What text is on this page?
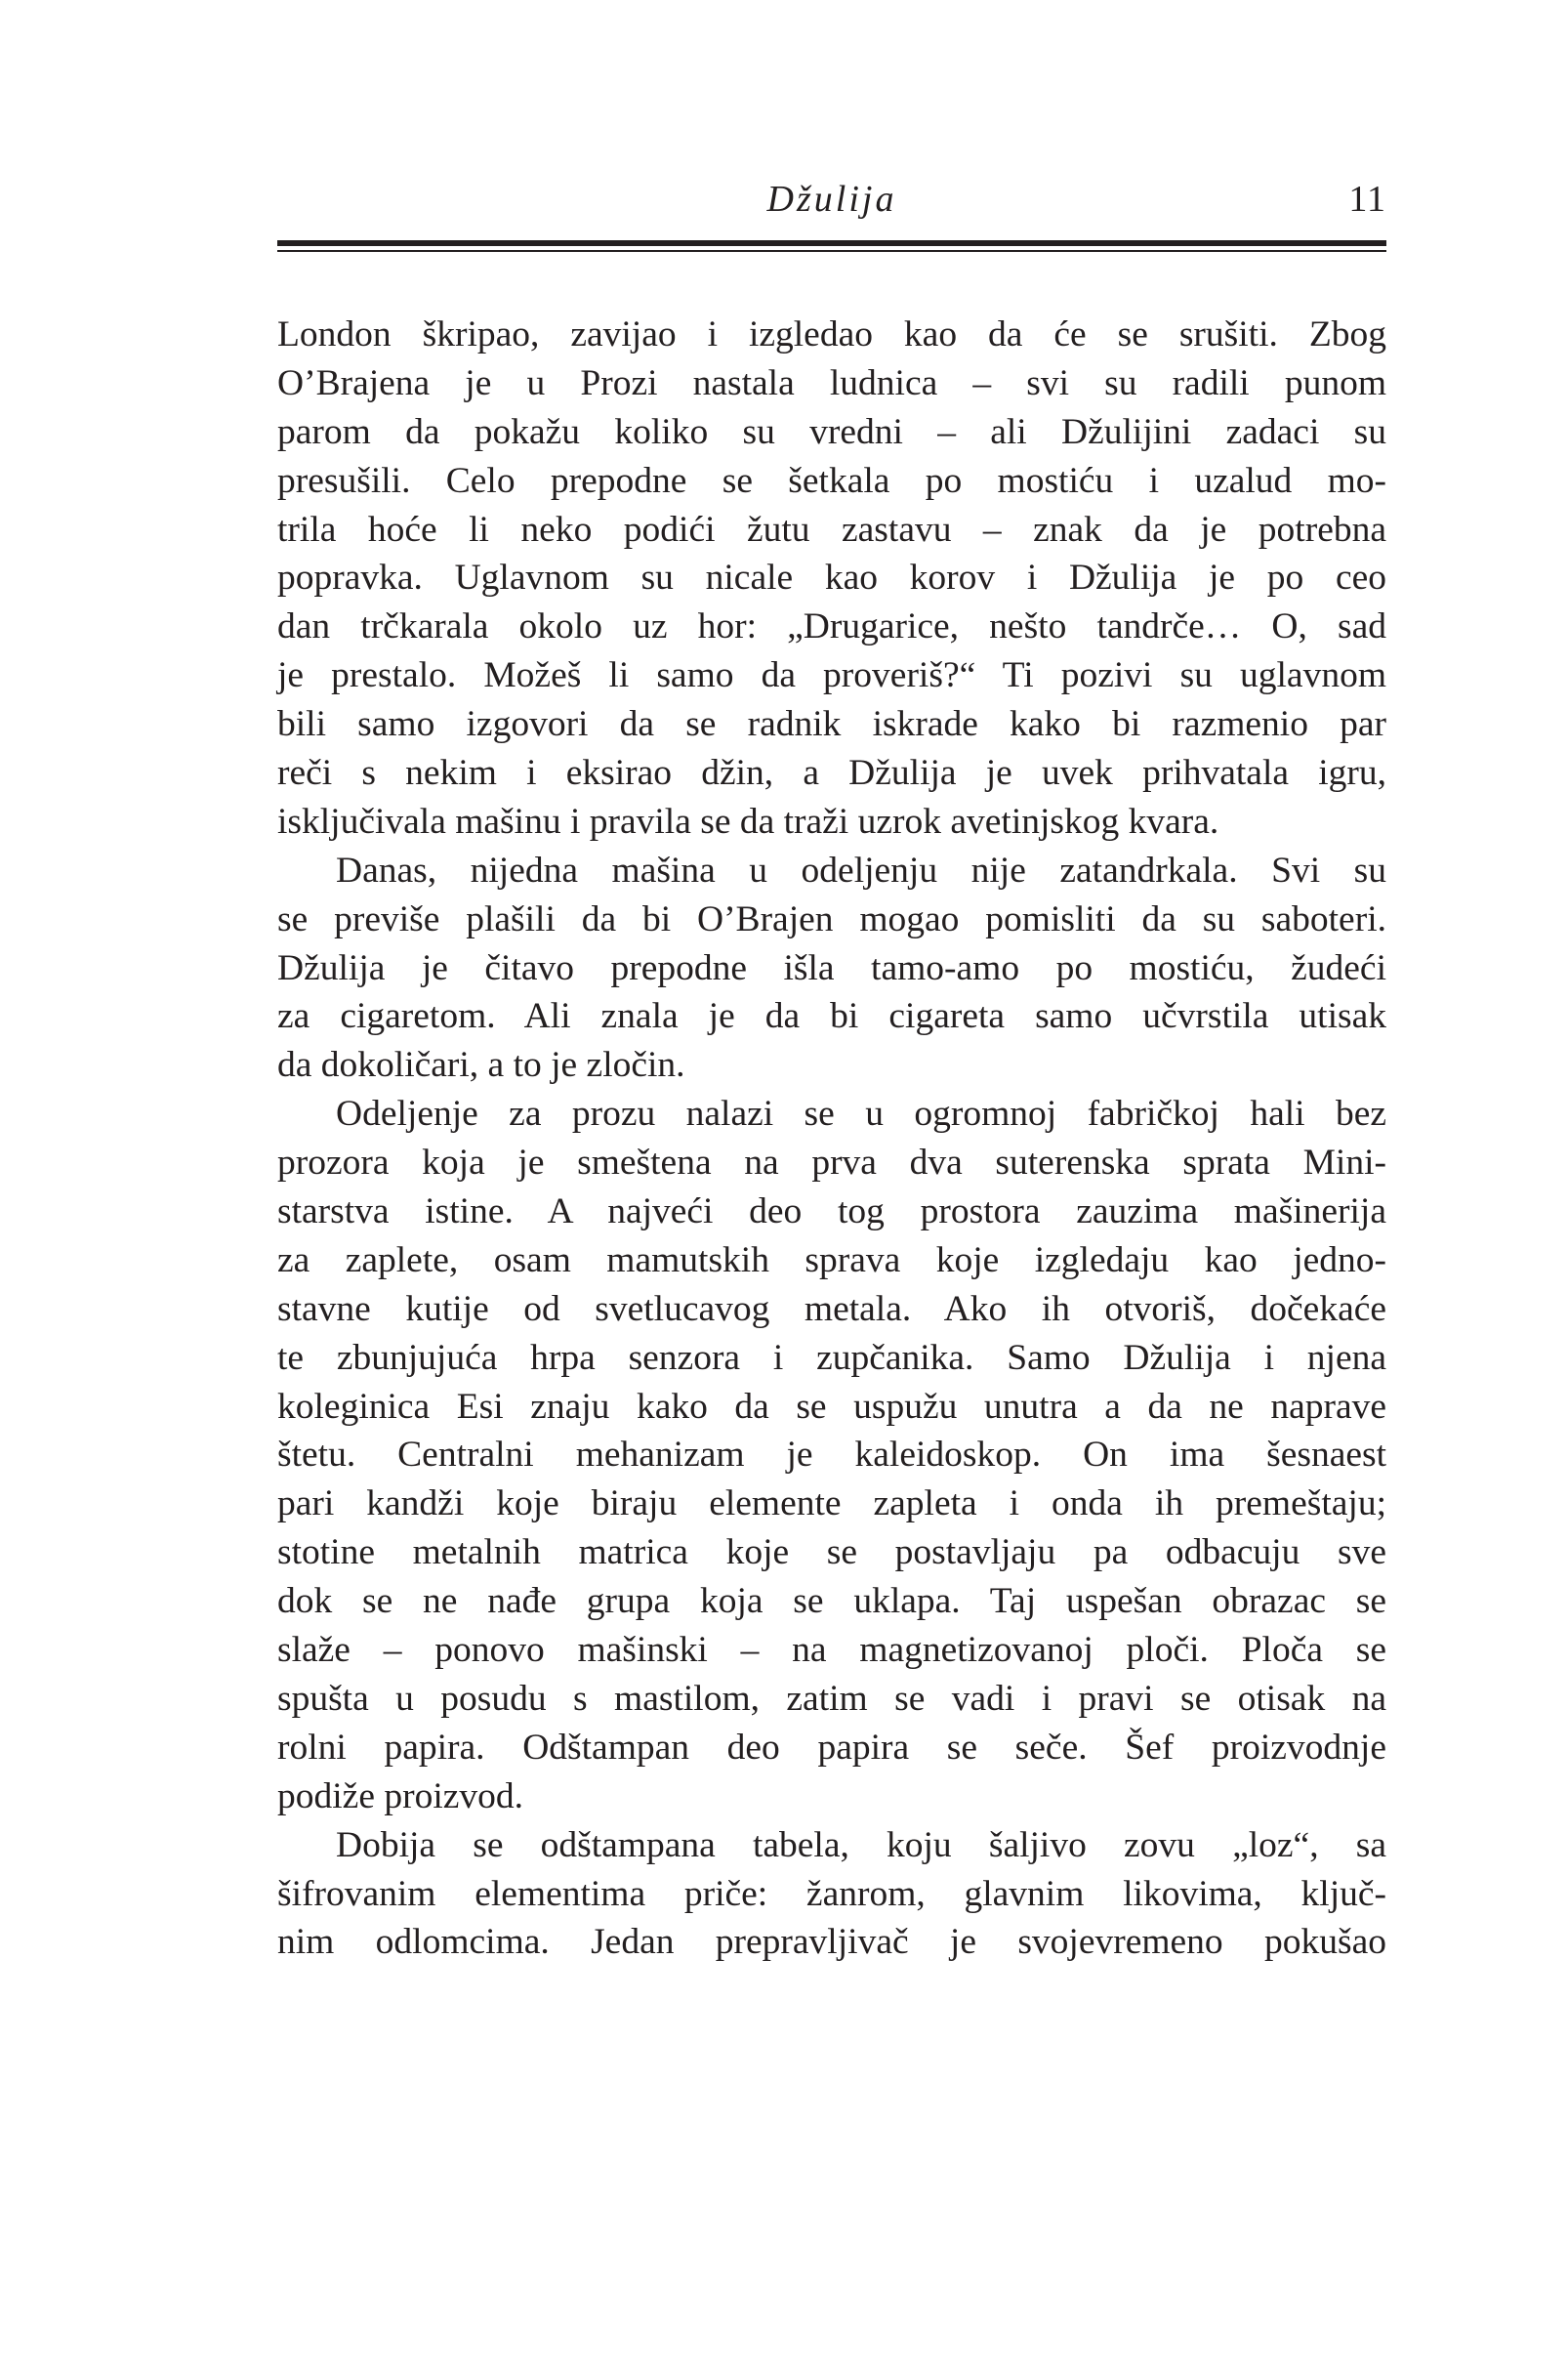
Džulija	11
London škripao, zavijao i izgledao kao da će se srušiti. Zbog
O’Brajena je u Prozi nastala ludnica – svi su radili punom
parom da pokažu koliko su vredni – ali Džulijini zadaci su
presušili. Celo prepodne se šetkala po mostiću i uzalud mo-
trila hoće li neko podići žutu zastavu – znak da je potrebna
popravka. Uglavnom su nicale kao korov i Džulija je po ceo
dan trčkarala okolo uz hor: „Drugarice, nešto tandrče… O, sad
je prestalo. Možeš li samo da proveriš?“ Ti pozivi su uglavnom
bili samo izgovori da se radnik iskrade kako bi razmenio par
reči s nekim i eksirao džin, a Džulija je uvek prihvatala igru,
isključivala mašinu i pravila se da traži uzrok avetinjskog kvara.
Danas, nijedna mašina u odeljenju nije zatandrkala. Svi su
se previše plašili da bi O’Brajen mogao pomisliti da su saboteri.
Džulija je čitavo prepodne išla tamo-amo po mostiću, žudeći
za cigaretom. Ali znala je da bi cigareta samo učvrstila utisak
da dokoličari, a to je zločin.
Odeljenje za prozu nalazi se u ogromnoj fabričkoj hali bez
prozora koja je smeštena na prva dva suterenska sprata Mini-
starstva istine. A najveći deo tog prostora zauzima mašinerija
za zaplete, osam mamutskih sprava koje izgledaju kao jedno-
stavne kutije od svetlucavog metala. Ako ih otvoriš, dočekaće
te zbunjujuća hrpa senzora i zupčanika. Samo Džulija i njena
koleginica Esi znaju kako da se uspužu unutra a da ne naprave
štetu. Centralni mehanizam je kaleidoskop. On ima šesnaest
pari kandži koje biraju elemente zapleta i onda ih premeštaju;
stotine metalnih matrica koje se postavljaju pa odbacuju sve
dok se ne nađe grupa koja se uklapa. Taj uspešan obrazac se
slaže – ponovo mašinski – na magnetizovanoj ploči. Ploča se
spušta u posudu s mastilom, zatim se vadi i pravi se otisak na
rolni papira. Odštampan deo papira se seče. Šef proizvodnje
podiže proizvod.
Dobija se odštampana tabela, koju šaljivo zovu „loz“, sa
šifrovanim elementima priče: žanrom, glavnim likovima, ključ-
nim odlomcima. Jedan prepravljivač je svojevremeno pokušao
